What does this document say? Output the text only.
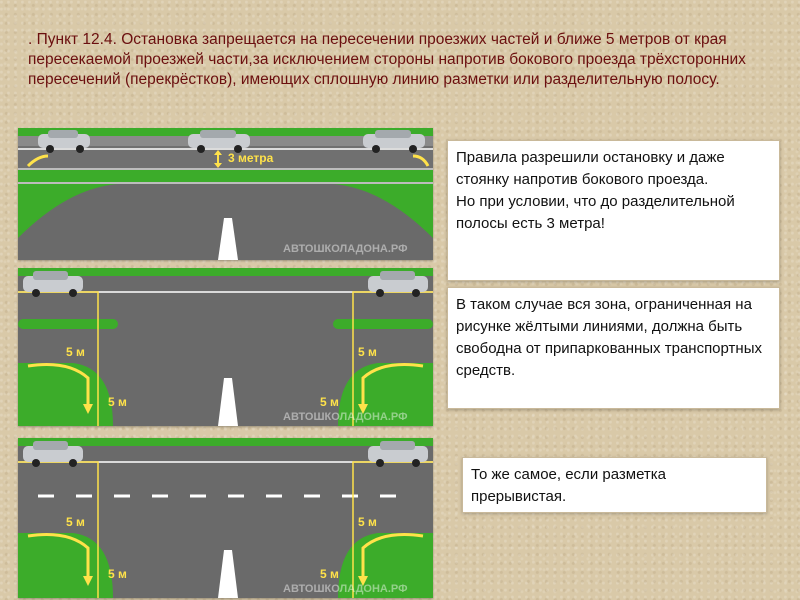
. Пункт 12.4. Остановка запрещается на пересечении проезжих частей и ближе 5 метров от края пересекаемой проезжей части,за исключением стороны напротив бокового проезда трёхсторонних пересечений (перекрёстков), имеющих сплошную линию разметки или разделительную полосу.

3 метра
АВТОШКОЛАДОНА.РФ
5 м	5 м
5 м	5 м
АВТОШКОЛАДОНА.РФ
5 м	5 м
5 м	5 м
АВТОШКОЛАДОНА.РФ

Правила разрешили остановку и даже стоянку напротив бокового проезда.

Но при условии, что до разделительной полосы есть 3 метра!

В таком случае вся зона, ограниченная на рисунке жёлтыми линиями, должна быть свободна от припаркованных транспортных средств.

То же самое, если разметка прерывистая.
